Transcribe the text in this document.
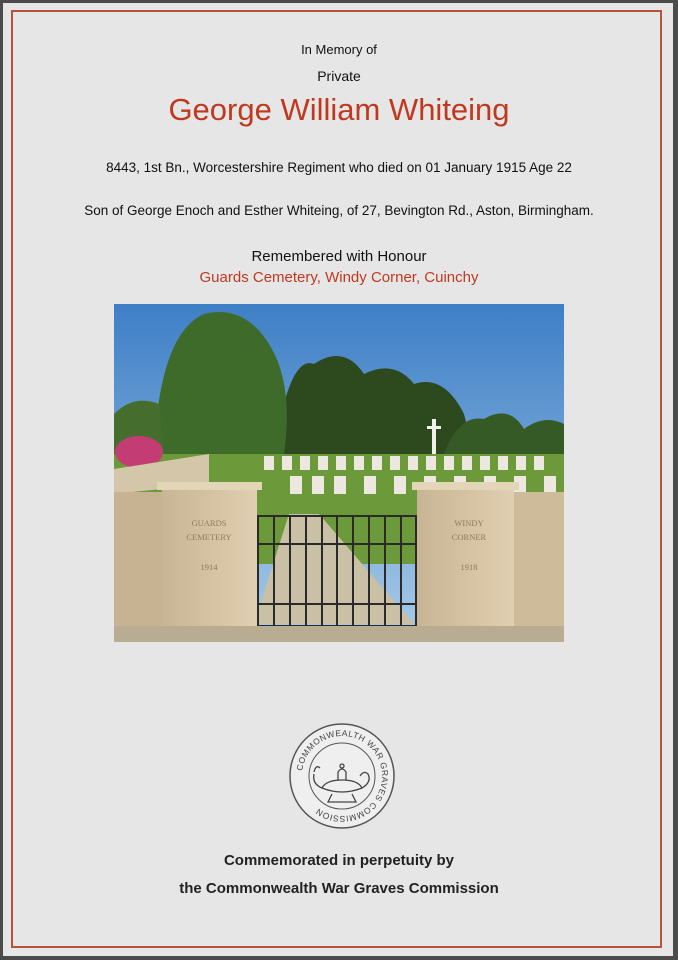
In Memory of
Private
George William Whiteing
8443, 1st Bn., Worcestershire Regiment who died on 01 January 1915 Age 22
Son of George Enoch and Esther Whiteing, of 27, Bevington Rd., Aston, Birmingham.
Remembered with Honour
Guards Cemetery, Windy Corner, Cuinchy
GUARDS
CEMETERY
1914
WINDY
CORNER
1918
COMMONWEALTH WAR GRAVES COMMISSION
Commemorated in perpetuity by
the Commonwealth War Graves Commission
